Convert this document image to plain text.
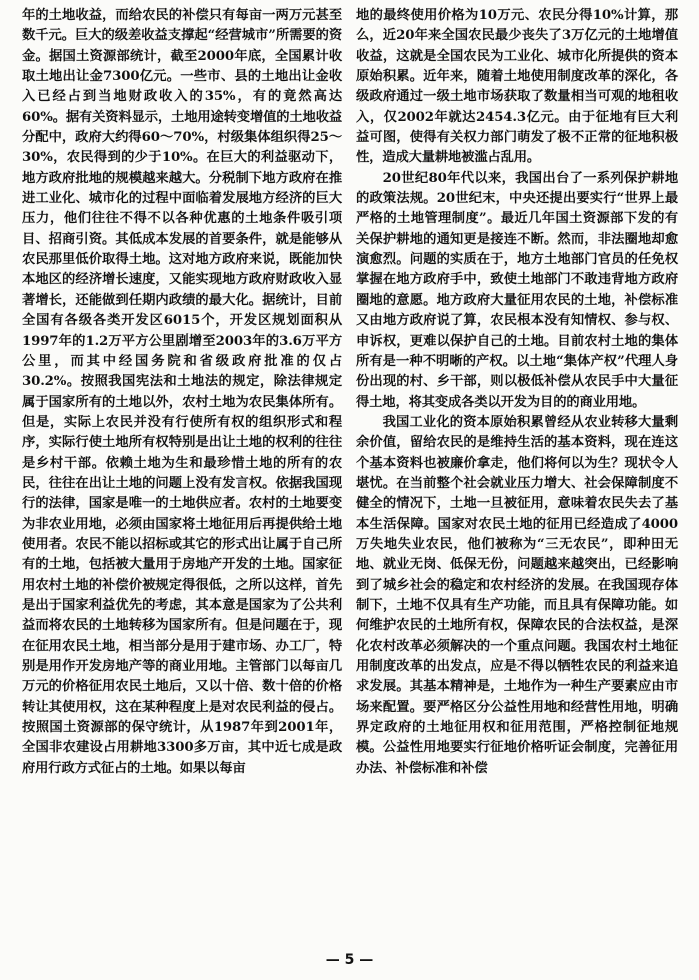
年的土地收益，而给农民的补偿只有每亩一两万元甚至数千元。巨大的级差收益支撑起“经营城市”所需要的资金。据国土资源部统计，截至2000年底，全国累计收取土地出让金7300亿元。一些市、县的土地出让金收入已经占到当地财政收入的35%，有的竟然高达60%。据有关资料显示，土地用途转变增值的土地收益分配中，政府大约得60～70%，村级集体组织得25～30%，农民得到的少于10%。在巨大的利益驱动下，地方政府批地的规模越来越大。分税制下地方政府在推进工业化、城市化的过程中面临着发展地方经济的巨大压力，他们往往不得不以各种优惠的土地条件吸引项目、招商引资。其低成本发展的首要条件，就是能够从农民那里低价取得土地。这对地方政府来说，既能加快本地区的经济增长速度，又能实现地方政府财政收入显著增长，还能做到任期内政绩的最大化。据统计，目前全国有各级各类开发区6015个，开发区规划面积从1997年的1.2万平方公里剧增至2003年的3.6万平方公里，而其中经国务院和省级政府批准的仅占30.2%。按照我国宪法和土地法的规定，除法律规定属于国家所有的土地以外，农村土地为农民集体所有。但是，实际上农民并没有行使所有权的组织形式和程序，实际行使土地所有权特别是出让土地的权利的往往是乡村干部。依赖土地为生和最珍惜土地的所有的农民，往往在出让土地的问题上没有发言权。依据我国现行的法律，国家是唯一的土地供应者。农村的土地要变为非农业用地，必须由国家将土地征用后再提供给土地使用者。农民不能以招标或其它的形式出让属于自己所有的土地，包括被大量用于房地产开发的土地。国家征用农村土地的补偿价被规定得很低，之所以这样，首先是出于国家利益优先的考虑，其本意是国家为了公共利益而将农民的土地转移为国家所有。但是问题在于，现在征用农民土地，相当部分是用于建市场、办工厂，特别是用作开发房地产等的商业用地。主管部门以每亩几万元的价格征用农民土地后，又以十倍、数十倍的价格转让其使用权，这在某种程度上是对农民利益的侵占。按照国土资源部的保守统计，从1987年到2001年，全国非农建设占用耕地3300多万亩，其中近七成是政府用行政方式征占的土地。如果以每亩

地的最终使用价格为10万元、农民分得10%计算，那么，近20年来全国农民最少丧失了3万亿元的土地增值收益，这就是全国农民为工业化、城市化所提供的资本原始积累。近年来，随着土地使用制度改革的深化，各级政府通过一级土地市场获取了数量相当可观的地租收入，仅2002年就达2454.3亿元。由于征地有巨大利益可图，使得有关权力部门萌发了极不正常的征地积极性，造成大量耕地被滥占乱用。

20世纪80年代以来，我国出台了一系列保护耕地的政策法规。20世纪末，中央还提出要实行“世界上最严格的土地管理制度”。最近几年国土资源部下发的有关保护耕地的通知更是接连不断。然而，非法圈地却愈演愈烈。问题的实质在于，地方土地部门官员的任免权掌握在地方政府手中，致使土地部门不敢违背地方政府圈地的意愿。地方政府大量征用农民的土地，补偿标准又由地方政府说了算，农民根本没有知情权、参与权、申诉权，更难以保护自己的土地。目前农村土地的集体所有是一种不明晰的产权。以土地“集体产权”代理人身份出现的村、乡干部，则以极低补偿从农民手中大量征得土地，将其变成各类以开发为目的的商业用地。

我国工业化的资本原始积累曾经从农业转移大量剩余价值，留给农民的是维持生活的基本资料，现在连这个基本资料也被廉价拿走，他们将何以为生？现状令人堪忧。在当前整个社会就业压力增大、社会保障制度不健全的情况下，土地一旦被征用，意味着农民失去了基本生活保障。国家对农民土地的征用已经造成了4000万失地失业农民，他们被称为“三无农民”，即种田无地、就业无岗、低保无份，问题越来越突出，已经影响到了城乡社会的稳定和农村经济的发展。在我国现存体制下，土地不仅具有生产功能，而且具有保障功能。如何维护农民的土地所有权，保障农民的合法权益，是深化农村改革必须解决的一个重点问题。我国农村土地征用制度改革的出发点，应是不得以牺牲农民的利益来追求发展。其基本精神是，土地作为一种生产要素应由市场来配置。要严格区分公益性用地和经营性用地，明确界定政府的土地征用权和征用范围，严格控制征地规模。公益性用地要实行征地价格听证会制度，完善征用办法、补偿标准和补偿

— 5 —
